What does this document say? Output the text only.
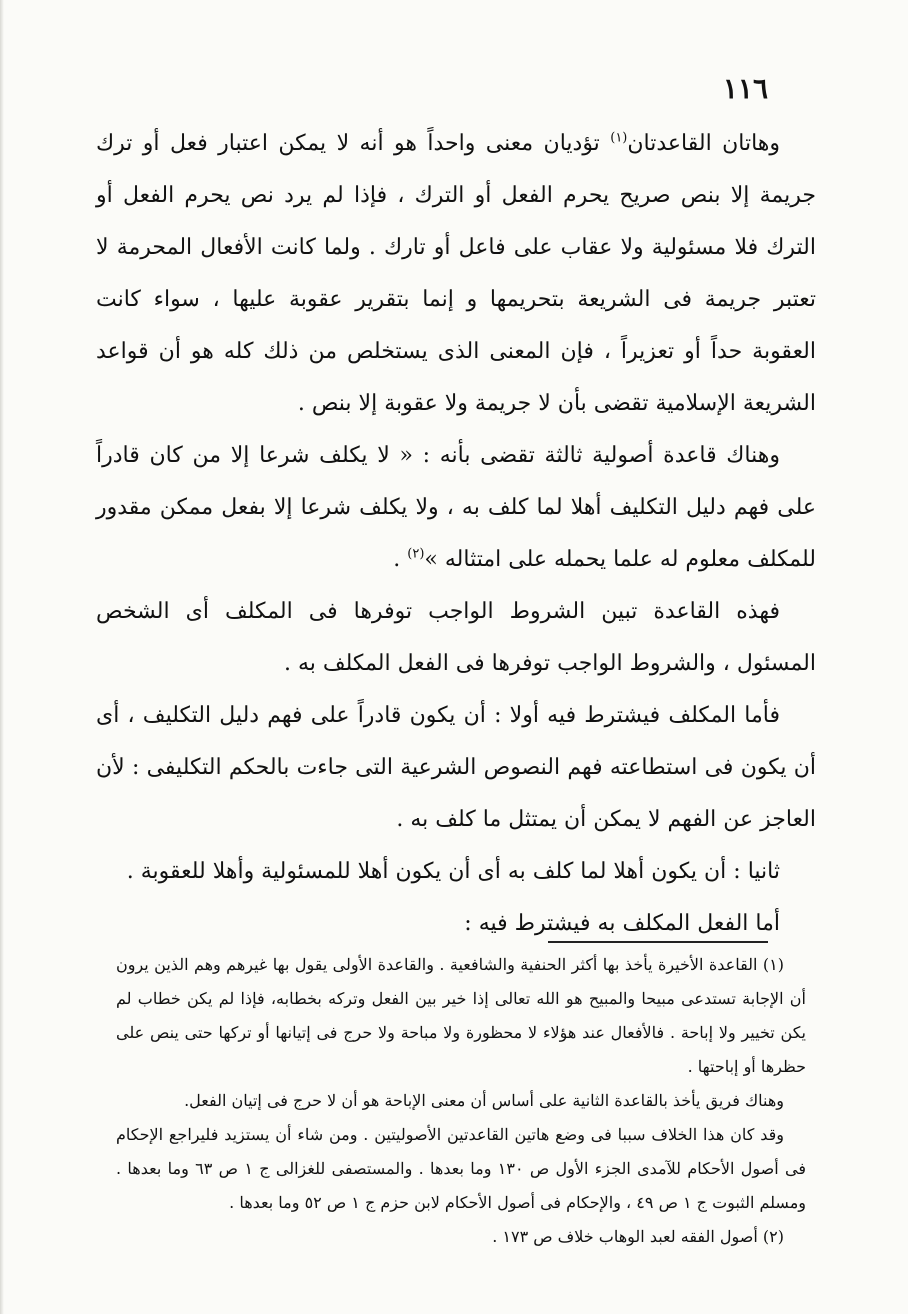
١١٦

وهاتان القاعدتان$^{(١)}$ تؤديان معنى واحداً هو أنه لا يمكن اعتبار فعل أو ترك جريمة إلا بنص صريح يحرم الفعل أو الترك ، فإذا لم يرد نص يحرم الفعل أو الترك فلا مسئولية ولا عقاب على فاعل أو تارك . ولما كانت الأفعال المحرمة لا تعتبر جريمة فى الشريعة بتحريمها و إنما بتقرير عقوبة عليها ، سواء كانت العقوبة حداً أو تعزيراً ، فإن المعنى الذى يستخلص من ذلك كله هو أن قواعد الشريعة الإسلامية تقضى بأن لا جريمة ولا عقوبة إلا بنص .

وهناك قاعدة أصولية ثالثة تقضى بأنه : « لا يكلف شرعا إلا من كان قادراً على فهم دليل التكليف أهلا لما كلف به ، ولا يكلف شرعا إلا بفعل ممكن مقدور للمكلف معلوم له علما يحمله على امتثاله »$^{(٢)}$ .

فهذه القاعدة تبين الشروط الواجب توفرها فى المكلف أى الشخص المسئول ، والشروط الواجب توفرها فى الفعل المكلف به .

فأما المكلف فيشترط فيه أولا : أن يكون قادراً على فهم دليل التكليف ، أى أن يكون فى استطاعته فهم النصوص الشرعية التى جاءت بالحكم التكليفى : لأن العاجز عن الفهم لا يمكن أن يمتثل ما كلف به .

ثانيا : أن يكون أهلا لما كلف به أى أن يكون أهلا للمسئولية وأهلا للعقوبة .

أما الفعل المكلف به فيشترط فيه :

(١) القاعدة الأخيرة يأخذ بها أكثر الحنفية والشافعية . والقاعدة الأولى يقول بها غيرهم وهم الذين يرون أن الإجابة تستدعى مبيحا والمبيح هو الله تعالى إذا خير بين الفعل وتركه بخطابه، فإذا لم يكن خطاب لم يكن تخيير ولا إباحة . فالأفعال عند هؤلاء لا محظورة ولا مباحة ولا حرج فى إتيانها أو تركها حتى ينص على حظرها أو إباحتها .

وهناك فريق يأخذ بالقاعدة الثانية على أساس أن معنى الإباحة هو أن لا حرج فى إتيان الفعل.

وقد كان هذا الخلاف سببا فى وضع هاتين القاعدتين الأصوليتين . ومن شاء أن يستزيد فليراجع الإحكام فى أصول الأحكام للآمدى الجزء الأول ص ١٣٠ وما بعدها . والمستصفى للغزالى ج ١ ص ٦٣ وما بعدها . ومسلم الثبوت ج ١ ص ٤٩ ، والإحكام فى أصول الأحكام لابن حزم ج ١ ص ٥٢ وما بعدها .

(٢) أصول الفقه لعبد الوهاب خلاف ص ١٧٣ .
